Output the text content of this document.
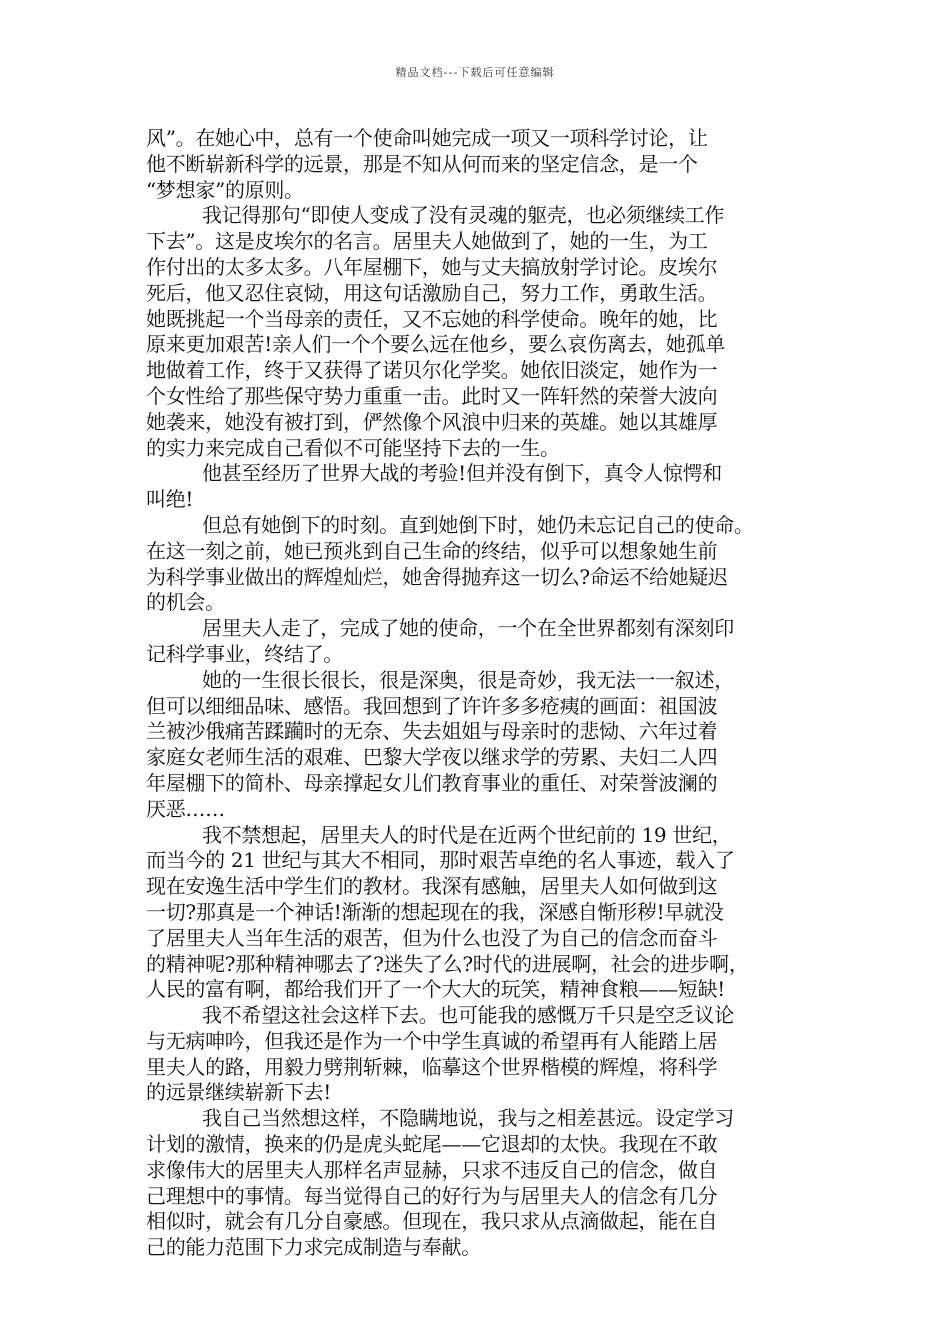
精品文档---下载后可任意编辑
风”。在她心中，总有一个使命叫她完成一项又一项科学讨论，让
他不断崭新科学的远景，那是不知从何而来的坚定信念，是一个
“梦想家”的原则。
我记得那句“即使人变成了没有灵魂的躯壳，也必须继续工作
下去”。这是皮埃尔的名言。居里夫人她做到了，她的一生，为工
作付出的太多太多。八年屋棚下，她与丈夫搞放射学讨论。皮埃尔
死后，他又忍住哀恸，用这句话激励自己，努力工作，勇敢生活。
她既挑起一个当母亲的责任，又不忘她的科学使命。晚年的她，比
原来更加艰苦!亲人们一个个要么远在他乡，要么哀伤离去，她孤单
地做着工作，终于又获得了诺贝尔化学奖。她依旧淡定，她作为一
个女性给了那些保守势力重重一击。此时又一阵轩然的荣誉大波向
她袭来，她没有被打到，俨然像个风浪中归来的英雄。她以其雄厚
的实力来完成自己看似不可能坚持下去的一生。
他甚至经历了世界大战的考验!但并没有倒下，真令人惊愕和
叫绝!
但总有她倒下的时刻。直到她倒下时，她仍未忘记自己的使命。
在这一刻之前，她已预兆到自己生命的终结，似乎可以想象她生前
为科学事业做出的辉煌灿烂，她舍得抛弃这一切么?命运不给她疑迟
的机会。
居里夫人走了，完成了她的使命，一个在全世界都刻有深刻印
记科学事业，终结了。
她的一生很长很长，很是深奥，很是奇妙，我无法一一叙述，
但可以细细品味、感悟。我回想到了许许多多疮痍的画面：祖国波
兰被沙俄痛苦蹂躏时的无奈、失去姐姐与母亲时的悲恸、六年过着
家庭女老师生活的艰难、巴黎大学夜以继求学的劳累、夫妇二人四
年屋棚下的简朴、母亲撑起女儿们教育事业的重任、对荣誉波澜的
厌恶……
我不禁想起，居里夫人的时代是在近两个世纪前的 19 世纪，
而当今的 21 世纪与其大不相同，那时艰苦卓绝的名人事迹，载入了
现在安逸生活中学生们的教材。我深有感触，居里夫人如何做到这
一切?那真是一个神话!渐渐的想起现在的我，深感自惭形秽!早就没
了居里夫人当年生活的艰苦，但为什么也没了为自己的信念而奋斗
的精神呢?那种精神哪去了?迷失了么?时代的进展啊，社会的进步啊，
人民的富有啊，都给我们开了一个大大的玩笑，精神食粮——短缺!
我不希望这社会这样下去。也可能我的感慨万千只是空乏议论
与无病呻吟，但我还是作为一个中学生真诚的希望再有人能踏上居
里夫人的路，用毅力劈荆斩棘，临摹这个世界楷模的辉煌，将科学
的远景继续崭新下去!
我自己当然想这样，不隐瞒地说，我与之相差甚远。设定学习
计划的激情，换来的仍是虎头蛇尾——它退却的太快。我现在不敢
求像伟大的居里夫人那样名声显赫，只求不违反自己的信念，做自
己理想中的事情。每当觉得自己的好行为与居里夫人的信念有几分
相似时，就会有几分自豪感。但现在，我只求从点滴做起，能在自
己的能力范围下力求完成制造与奉献。
